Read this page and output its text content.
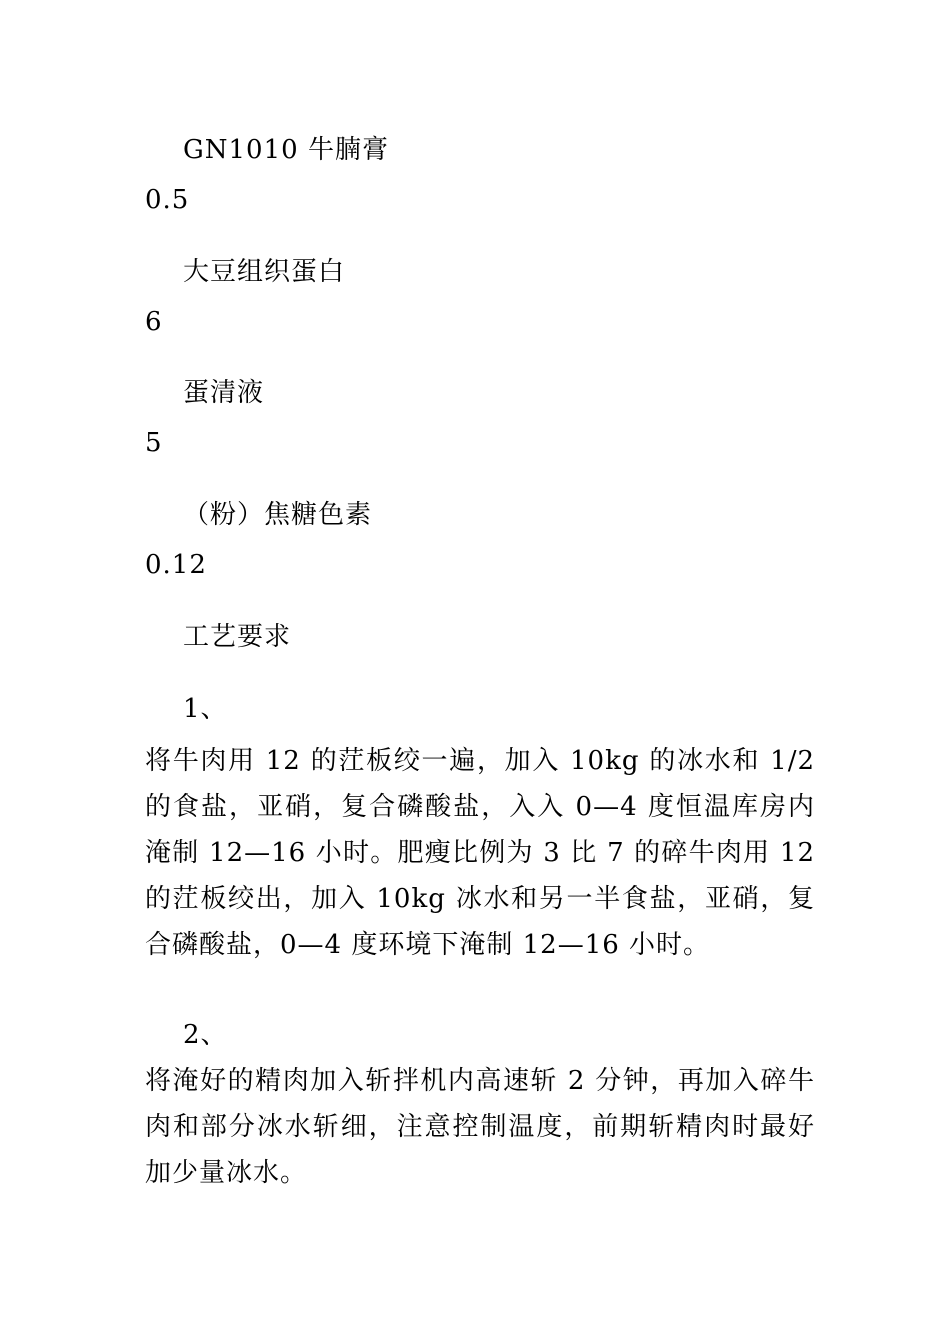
GN1010 牛腩膏
0.5
大豆组织蛋白
6
蛋清液
5
（粉）焦糖色素
0.12
工艺要求
1、
将牛肉用 12 的茳板绞一遍，加入 10kg 的冰水和 1/2 的食盐，亚硝，复合磷酸盐，入入 0—4 度恒温库房内淹制 12—16 小时。肥瘦比例为 3 比 7 的碎牛肉用 12 的茳板绞出，加入 10kg 冰水和另一半食盐，亚硝，复合磷酸盐，0—4 度环境下淹制 12—16 小时。
2、
将淹好的精肉加入斩拌机内高速斩 2 分钟，再加入碎牛肉和部分冰水斩细，注意控制温度，前期斩精肉时最好加少量冰水。
